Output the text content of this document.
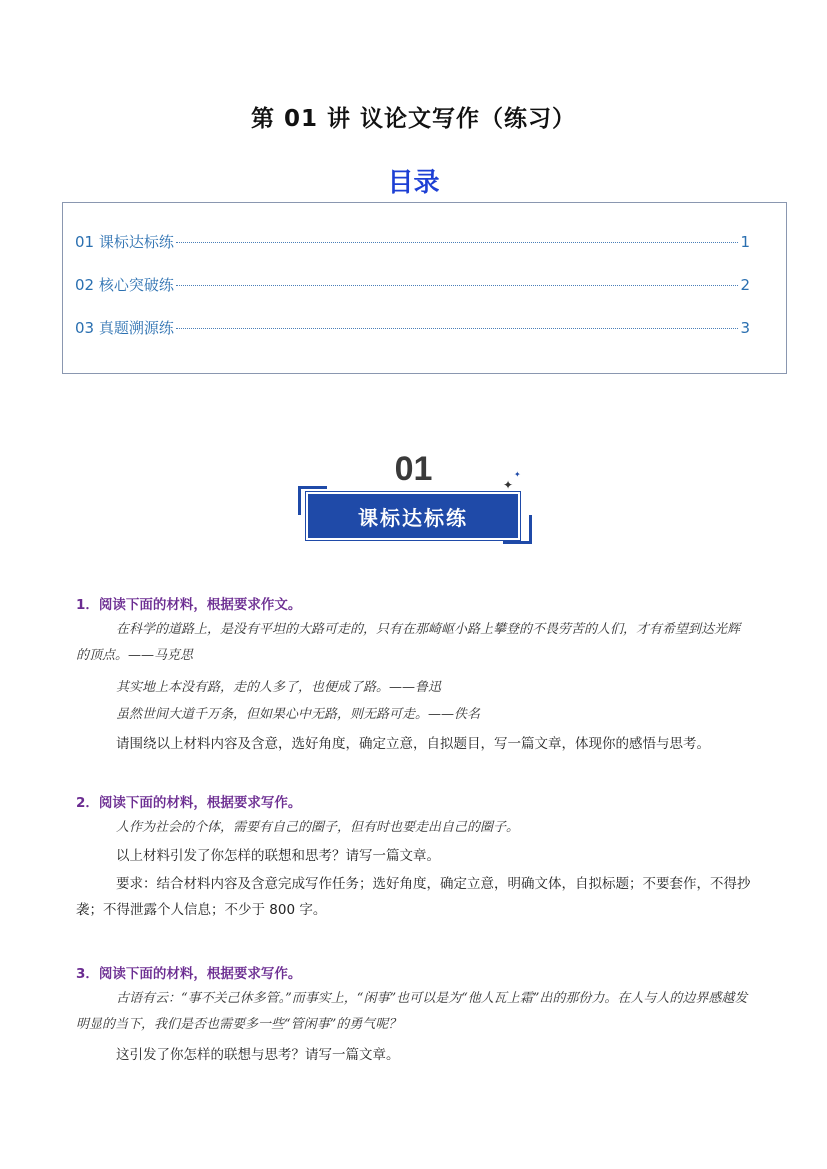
第 01 讲 议论文写作（练习）
目录
01 课标达标练	1
02 核心突破练	2
03 真题溯源练	3
01
课标达标练
✦
✦
1．阅读下面的材料，根据要求作文。
在科学的道路上，是没有平坦的大路可走的，只有在那崎岖小路上攀登的不畏劳苦的人们，才有希望到达光辉的顶点。——马克思
其实地上本没有路，走的人多了，也便成了路。——鲁迅
虽然世间大道千万条，但如果心中无路，则无路可走。——佚名
请围绕以上材料内容及含意，选好角度，确定立意，自拟题目，写一篇文章，体现你的感悟与思考。
2．阅读下面的材料，根据要求写作。
人作为社会的个体，需要有自己的圈子，但有时也要走出自己的圈子。
以上材料引发了你怎样的联想和思考？请写一篇文章。
要求：结合材料内容及含意完成写作任务；选好角度，确定立意，明确文体，自拟标题；不要套作，不得抄袭；不得泄露个人信息；不少于 800 字。
3．阅读下面的材料，根据要求写作。
古语有云：“事不关己休多管。”而事实上，“闲事”也可以是为“他人瓦上霜”出的那份力。在人与人的边界感越发明显的当下，我们是否也需要多一些“管闲事”的勇气呢？
这引发了你怎样的联想与思考？请写一篇文章。
